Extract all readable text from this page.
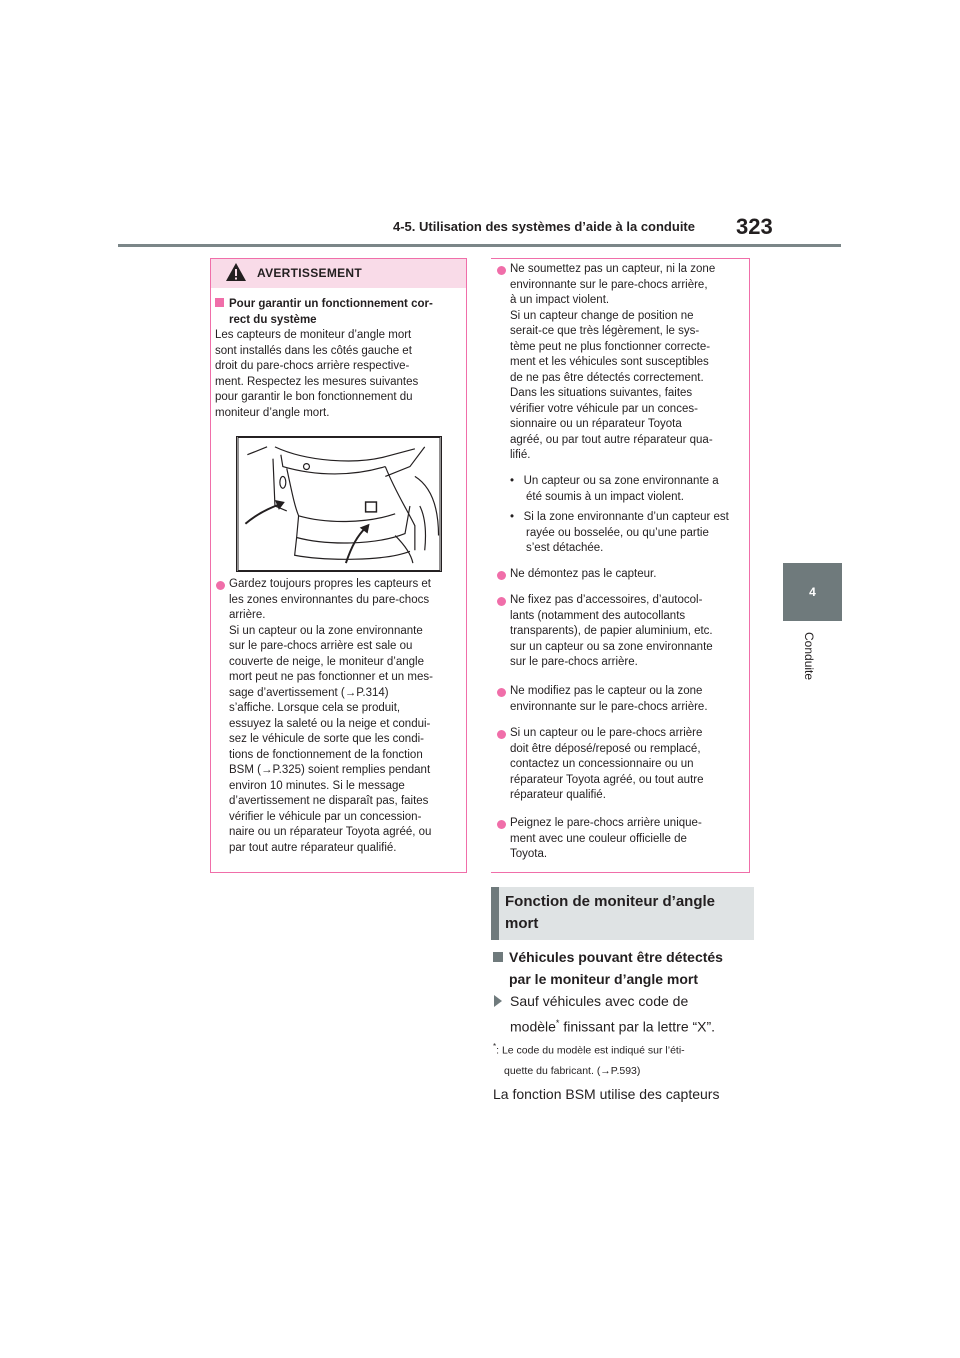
4-5. Utilisation des systèmes d’aide à la conduite 323
4
Conduite
AVERTISSEMENT
Pour garantir un fonctionnement cor-
rect du système
Les capteurs de moniteur d’angle mort
sont installés dans les côtés gauche et
droit du pare-chocs arrière respective-
ment. Respectez les mesures suivantes
pour garantir le bon fonctionnement du
moniteur d’angle mort.
Gardez toujours propres les capteurs et
les zones environnantes du pare-chocs
arrière.
Si un capteur ou la zone environnante
sur le pare-chocs arrière est sale ou
couverte de neige, le moniteur d’angle
mort peut ne pas fonctionner et un mes-
sage d’avertissement (→P.314)
s’affiche. Lorsque cela se produit,
essuyez la saleté ou la neige et condui-
sez le véhicule de sorte que les condi-
tions de fonctionnement de la fonction
BSM (→P.325) soient remplies pendant
environ 10 minutes. Si le message
d’avertissement ne disparaît pas, faites
vérifier le véhicule par un concession-
naire ou un réparateur Toyota agréé, ou
par tout autre réparateur qualifié.
Ne soumettez pas un capteur, ni la zone
environnante sur le pare-chocs arrière,
à un impact violent.
Si un capteur change de position ne
serait-ce que très légèrement, le sys-
tème peut ne plus fonctionner correcte-
ment et les véhicules sont susceptibles
de ne pas être détectés correctement.
Dans les situations suivantes, faites
vérifier votre véhicule par un conces-
sionnaire ou un réparateur Toyota
agréé, ou par tout autre réparateur qua-
lifié.
• Un capteur ou sa zone environnante a
été soumis à un impact violent.
• Si la zone environnante d’un capteur est
rayée ou bosselée, ou qu’une partie
s’est détachée.
Ne démontez pas le capteur.
Ne fixez pas d’accessoires, d’autocol-
lants (notamment des autocollants
transparents), de papier aluminium, etc.
sur un capteur ou sa zone environnante
sur le pare-chocs arrière.
Ne modifiez pas le capteur ou la zone
environnante sur le pare-chocs arrière.
Si un capteur ou le pare-chocs arrière
doit être déposé/reposé ou remplacé,
contactez un concessionnaire ou un
réparateur Toyota agréé, ou tout autre
réparateur qualifié.
Peignez le pare-chocs arrière unique-
ment avec une couleur officielle de
Toyota.
Fonction de moniteur d’angle
mort
Véhicules pouvant être détectés
par le moniteur d’angle mort
Sauf véhicules avec code de
modèle* finissant par la lettre “X”.
*: Le code du modèle est indiqué sur l’éti-
quette du fabricant. (→P.593)
La fonction BSM utilise des capteurs
